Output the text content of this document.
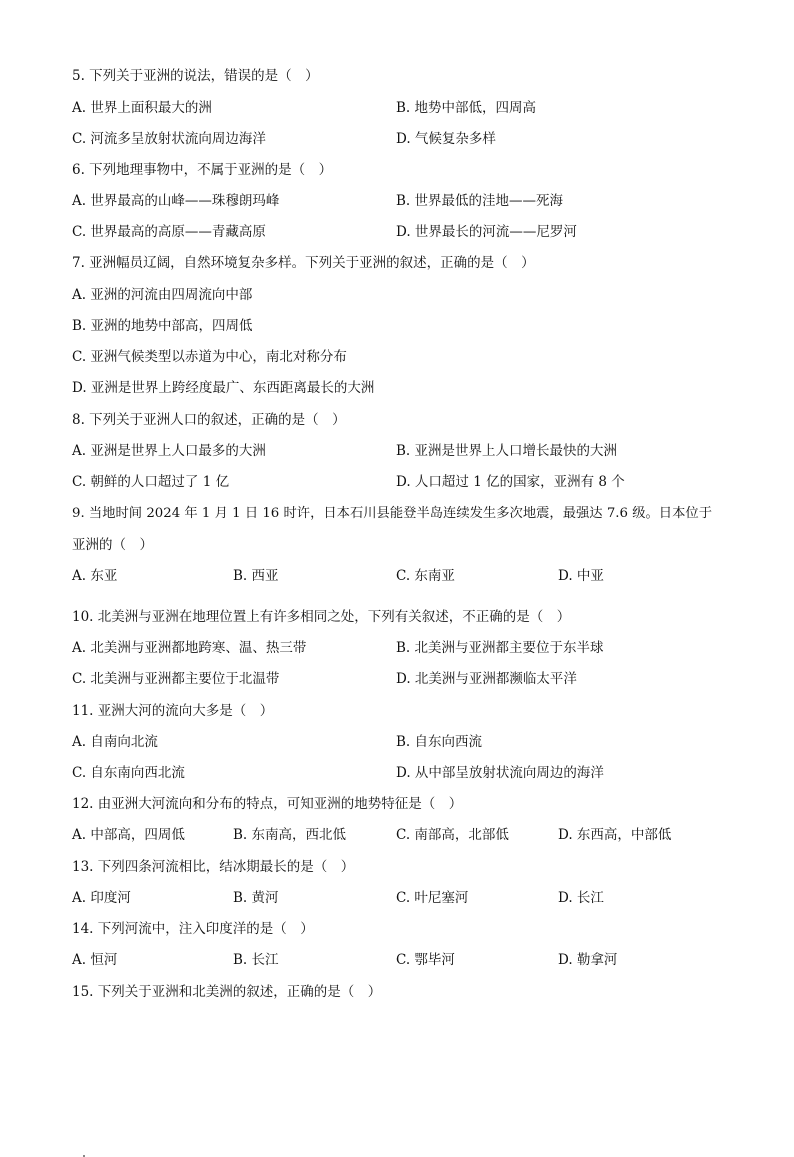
5. 下列关于亚洲的说法，错误的是（　）
A. 世界上面积最大的洲	B. 地势中部低，四周高
C. 河流多呈放射状流向周边海洋	D. 气候复杂多样
6. 下列地理事物中，不属于亚洲的是（　）
A. 世界最高的山峰——珠穆朗玛峰	B. 世界最低的洼地——死海
C. 世界最高的高原——青藏高原	D. 世界最长的河流——尼罗河
7. 亚洲幅员辽阔，自然环境复杂多样。下列关于亚洲的叙述，正确的是（　）
A. 亚洲的河流由四周流向中部
B. 亚洲的地势中部高，四周低
C. 亚洲气候类型以赤道为中心，南北对称分布
D. 亚洲是世界上跨经度最广、东西距离最长的大洲
8. 下列关于亚洲人口的叙述，正确的是（　）
A. 亚洲是世界上人口最多的大洲	B. 亚洲是世界上人口增长最快的大洲
C. 朝鲜的人口超过了 1 亿	D. 人口超过 1 亿的国家，亚洲有 8 个
9. 当地时间 2024 年 1 月 1 日 16 时许，日本石川县能登半岛连续发生多次地震，最强达 7.6 级。日本位于
亚洲的（　）
A. 东亚	B. 西亚	C. 东南亚	D. 中亚
10. 北美洲与亚洲在地理位置上有许多相同之处，下列有关叙述，不正确的是（　）
A. 北美洲与亚洲都地跨寒、温、热三带	B. 北美洲与亚洲都主要位于东半球
C. 北美洲与亚洲都主要位于北温带	D. 北美洲与亚洲都濒临太平洋
11. 亚洲大河的流向大多是（　）
A. 自南向北流	B. 自东向西流
C. 自东南向西北流	D. 从中部呈放射状流向周边的海洋
12. 由亚洲大河流向和分布的特点，可知亚洲的地势特征是（　）
A. 中部高，四周低	B. 东南高，西北低	C. 南部高，北部低	D. 东西高，中部低
13. 下列四条河流相比，结冰期最长的是（　）
A. 印度河	B. 黄河	C. 叶尼塞河	D. 长江
14. 下列河流中，注入印度洋的是（　）
A. 恒河	B. 长江	C. 鄂毕河	D. 勒拿河
15. 下列关于亚洲和北美洲的叙述，正确的是（　）
